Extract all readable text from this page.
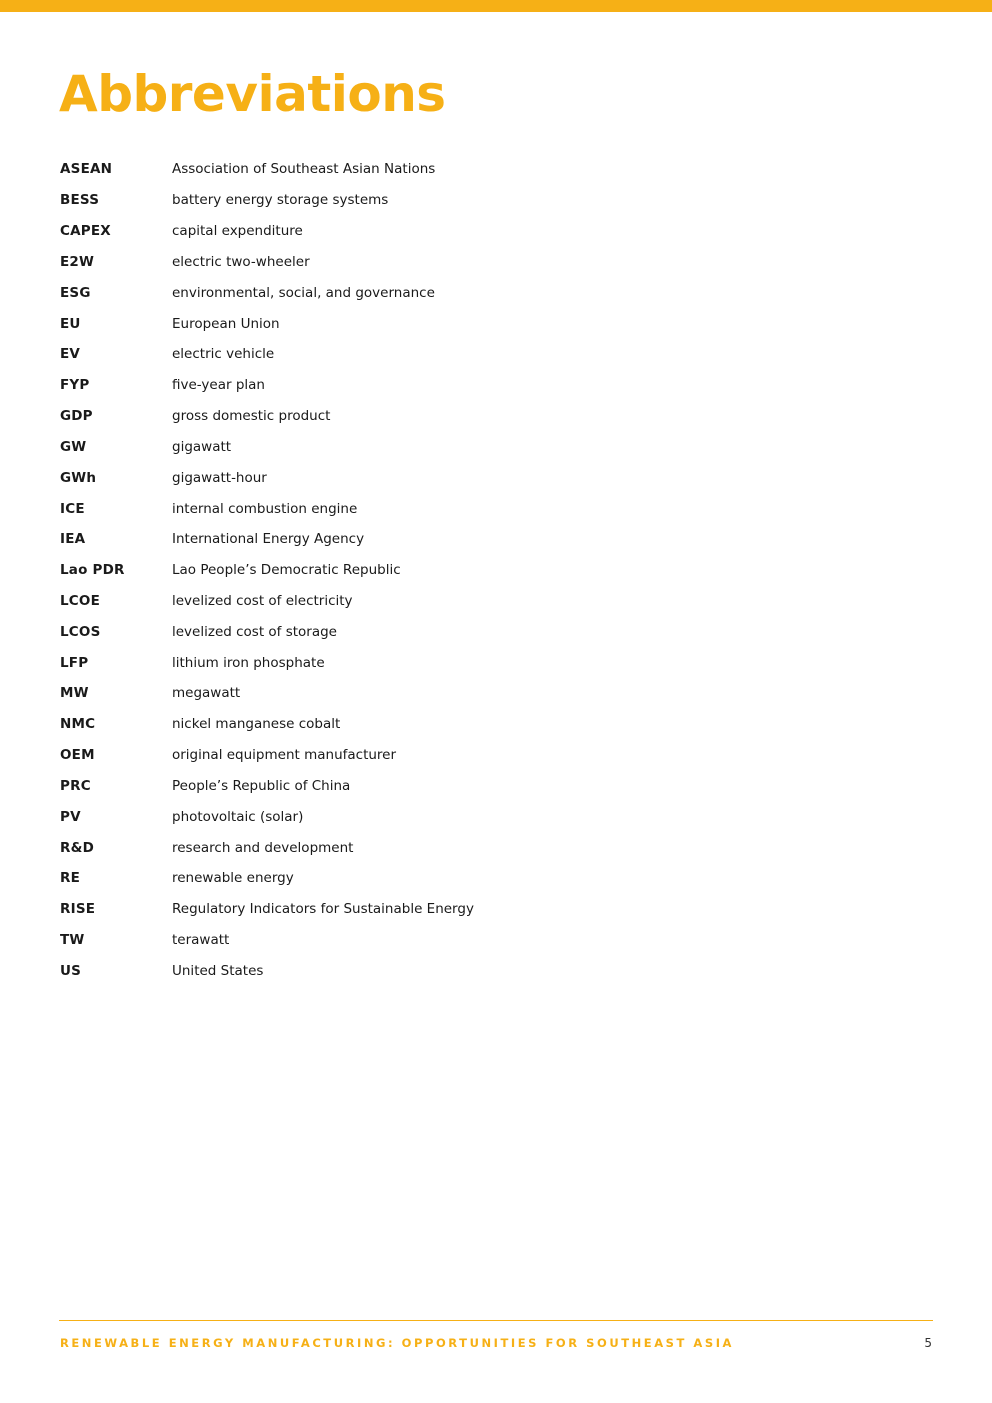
Abbreviations
ASEAN	Association of Southeast Asian Nations
BESS	battery energy storage systems
CAPEX	capital expenditure
E2W	electric two-wheeler
ESG	environmental, social, and governance
EU	European Union
EV	electric vehicle
FYP	five-year plan
GDP	gross domestic product
GW	gigawatt
GWh	gigawatt-hour
ICE	internal combustion engine
IEA	International Energy Agency
Lao PDR	Lao People’s Democratic Republic
LCOE	levelized cost of electricity
LCOS	levelized cost of storage
LFP	lithium iron phosphate
MW	megawatt
NMC	nickel manganese cobalt
OEM	original equipment manufacturer
PRC	People’s Republic of China
PV	photovoltaic (solar)
R&D	research and development
RE	renewable energy
RISE	Regulatory Indicators for Sustainable Energy
TW	terawatt
US	United States
RENEWABLE ENERGY MANUFACTURING: OPPORTUNITIES FOR SOUTHEAST ASIA	5
